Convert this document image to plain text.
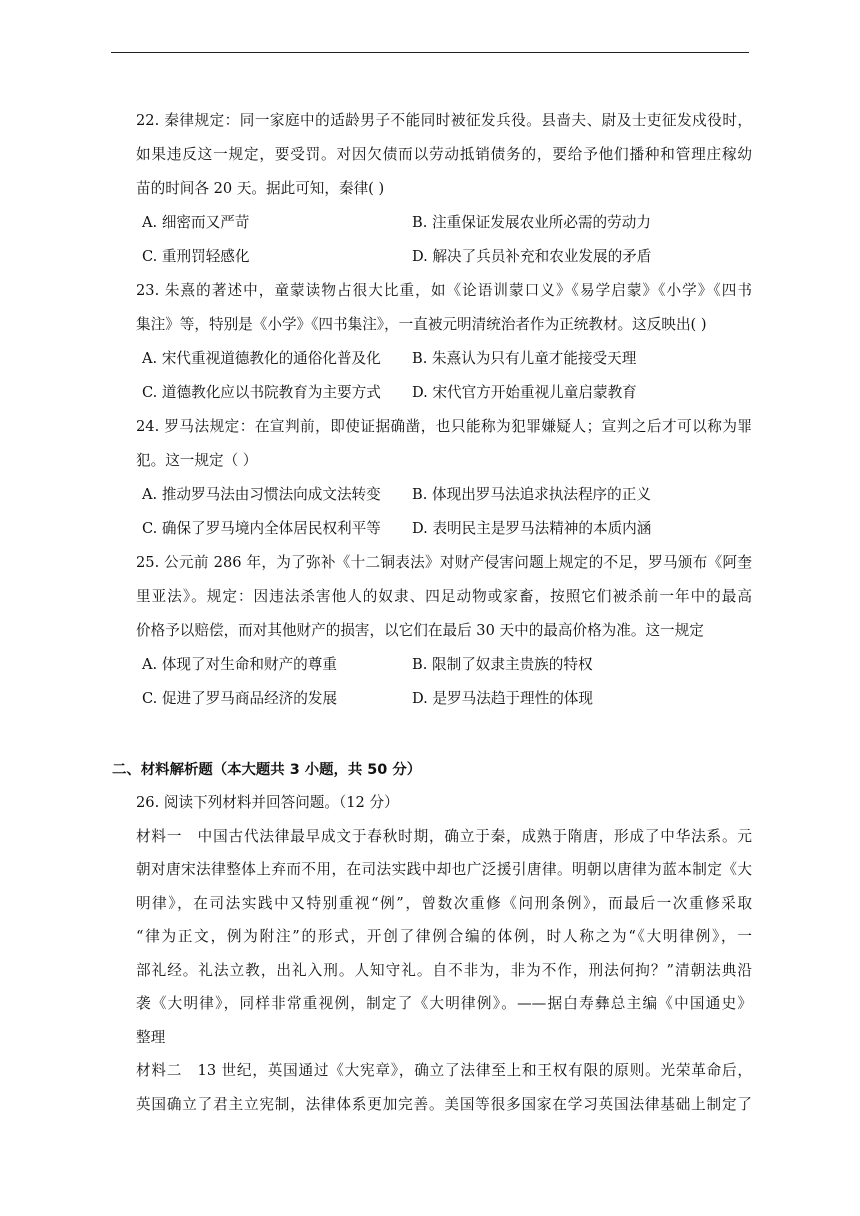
22. 秦律规定：同一家庭中的适龄男子不能同时被征发兵役。县啬夫、尉及士吏征发戍役时，
如果违反这一规定，要受罚。对因欠债而以劳动抵销债务的，要给予他们播种和管理庄稼幼
苗的时间各 20 天。据此可知，秦律( )
A. 细密而又严苛	B. 注重保证发展农业所必需的劳动力
C. 重刑罚轻感化	D. 解决了兵员补充和农业发展的矛盾
23. 朱熹的著述中，童蒙读物占很大比重，如《论语训蒙口义》《易学启蒙》《小学》《四书
集注》等，特别是《小学》《四书集注》，一直被元明清统治者作为正统教材。这反映出( )
A. 宋代重视道德教化的通俗化普及化	B. 朱熹认为只有儿童才能接受天理
C. 道德教化应以书院教育为主要方式	D. 宋代官方开始重视儿童启蒙教育
24. 罗马法规定：在宣判前，即使证据确凿，也只能称为犯罪嫌疑人；宣判之后才可以称为罪
犯。这一规定（ ）
A. 推动罗马法由习惯法向成文法转变	B. 体现出罗马法追求执法程序的正义
C. 确保了罗马境内全体居民权利平等	D. 表明民主是罗马法精神的本质内涵
25. 公元前 286 年，为了弥补《十二铜表法》对财产侵害问题上规定的不足，罗马颁布《阿奎
里亚法》。规定：因违法杀害他人的奴隶、四足动物或家畜，按照它们被杀前一年中的最高
价格予以赔偿，而对其他财产的损害，以它们在最后 30 天中的最高价格为准。这一规定
A. 体现了对生命和财产的尊重	B. 限制了奴隶主贵族的特权
C. 促进了罗马商品经济的发展	D. 是罗马法趋于理性的体现
二、材料解析题（本大题共 3 小题，共 50 分）
26. 阅读下列材料并回答问题。（12 分）
材料一　中国古代法律最早成文于春秋时期，确立于秦，成熟于隋唐，形成了中华法系。元
朝对唐宋法律整体上弃而不用，在司法实践中却也广泛援引唐律。明朝以唐律为蓝本制定《大
明律》，在司法实践中又特别重视“例”，曾数次重修《问刑条例》，而最后一次重修采取
“律为正文，例为附注”的形式，开创了律例合编的体例，时人称之为“《大明律例》，一
部礼经。礼法立教，出礼入刑。人知守礼。自不非为，非为不作，刑法何拘？”清朝法典沿
袭《大明律》，同样非常重视例，制定了《大明律例》。——据白寿彝总主编《中国通史》
整理
材料二　13 世纪，英国通过《大宪章》，确立了法律至上和王权有限的原则。光荣革命后，
英国确立了君主立宪制，法律体系更加完善。美国等很多国家在学习英国法律基础上制定了
